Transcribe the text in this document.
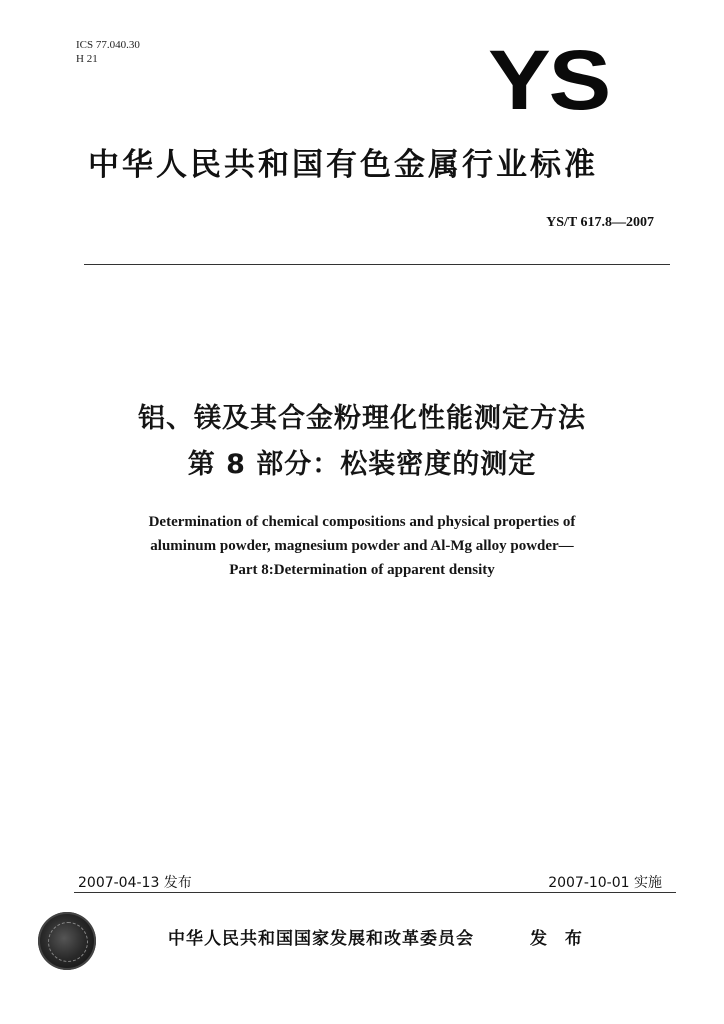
ICS 77.040.30
H 21	YS
中华人民共和国有色金属行业标准
YS/T 617.8—2007
铝、镁及其合金粉理化性能测定方法
第 8 部分：松装密度的测定
Determination of chemical compositions and physical properties of
aluminum powder, magnesium powder and Al-Mg alloy powder—
Part 8:Determination of apparent density
2007-04-13 发布	2007-10-01 实施
中华人民共和国国家发展和改革委员会	发 布
